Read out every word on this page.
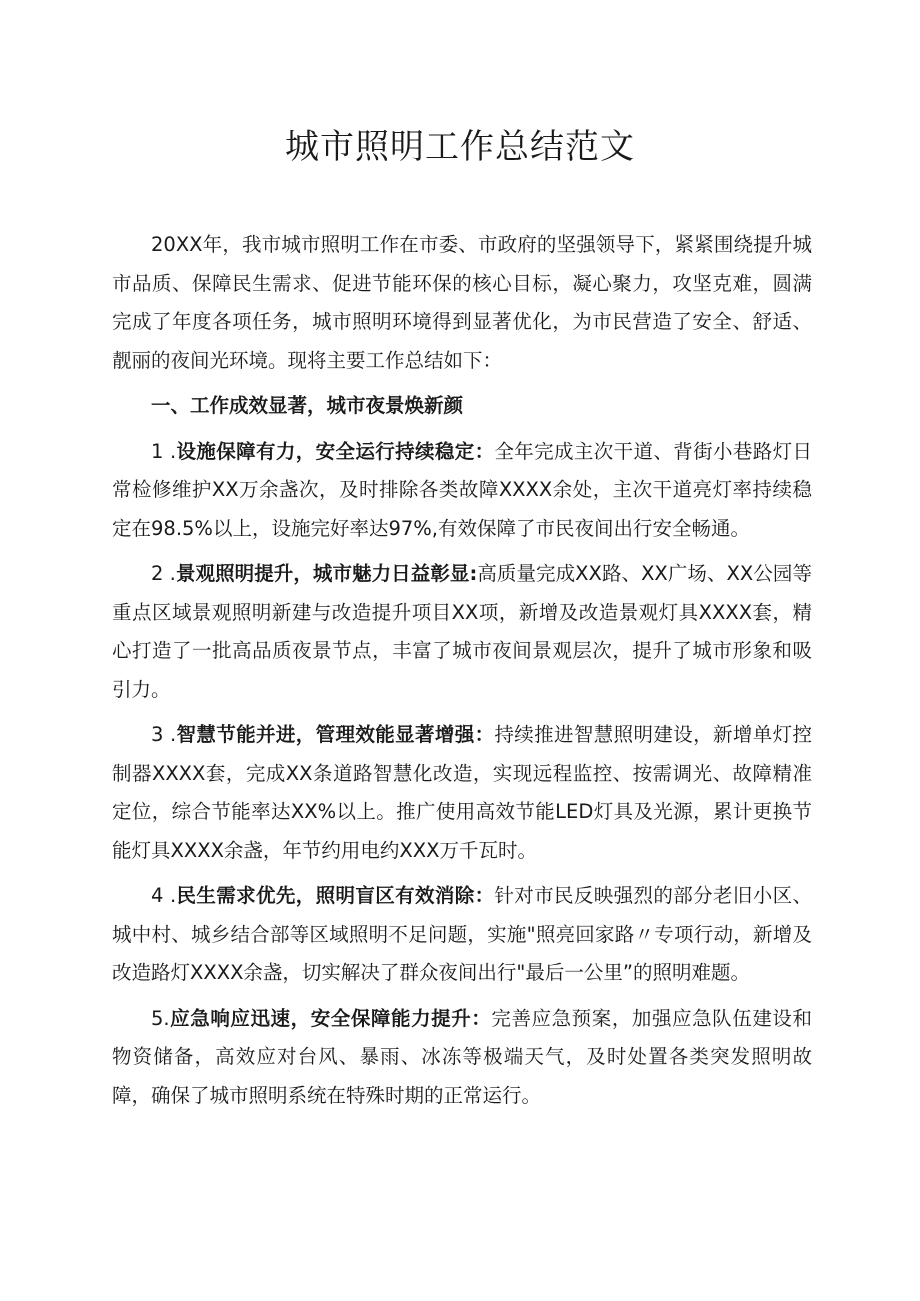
城市照明工作总结范文

20XX年，我市城市照明工作在市委、市政府的坚强领导下，紧紧围绕提升城市品质、保障民生需求、促进节能环保的核心目标，凝心聚力，攻坚克难，圆满完成了年度各项任务，城市照明环境得到显著优化，为市民营造了安全、舒适、靓丽的夜间光环境。现将主要工作总结如下：

一、工作成效显著，城市夜景焕新颜

1 .设施保障有力，安全运行持续稳定：全年完成主次干道、背街小巷路灯日常检修维护XX万余盏次，及时排除各类故障XXXX余处，主次干道亮灯率持续稳定在98.5%以上，设施完好率达97%,有效保障了市民夜间出行安全畅通。

2 .景观照明提升，城市魅力日益彰显:高质量完成XX路、XX广场、XX公园等重点区域景观照明新建与改造提升项目XX项，新增及改造景观灯具XXXX套，精心打造了一批高品质夜景节点，丰富了城市夜间景观层次，提升了城市形象和吸引力。

3 .智慧节能并进，管理效能显著增强：持续推进智慧照明建设，新增单灯控制器XXXX套，完成XX条道路智慧化改造，实现远程监控、按需调光、故障精准定位，综合节能率达XX%以上。推广使用高效节能LED灯具及光源，累计更换节能灯具XXXX余盏，年节约用电约XXX万千瓦时。

4 .民生需求优先，照明盲区有效消除：针对市民反映强烈的部分老旧小区、城中村、城乡结合部等区域照明不足问题，实施"照亮回家路〃专项行动，新增及改造路灯XXXX余盏，切实解决了群众夜间出行"最后一公里”的照明难题。

5.应急响应迅速，安全保障能力提升：完善应急预案，加强应急队伍建设和物资储备，高效应对台风、暴雨、冰冻等极端天气，及时处置各类突发照明故障，确保了城市照明系统在特殊时期的正常运行。
